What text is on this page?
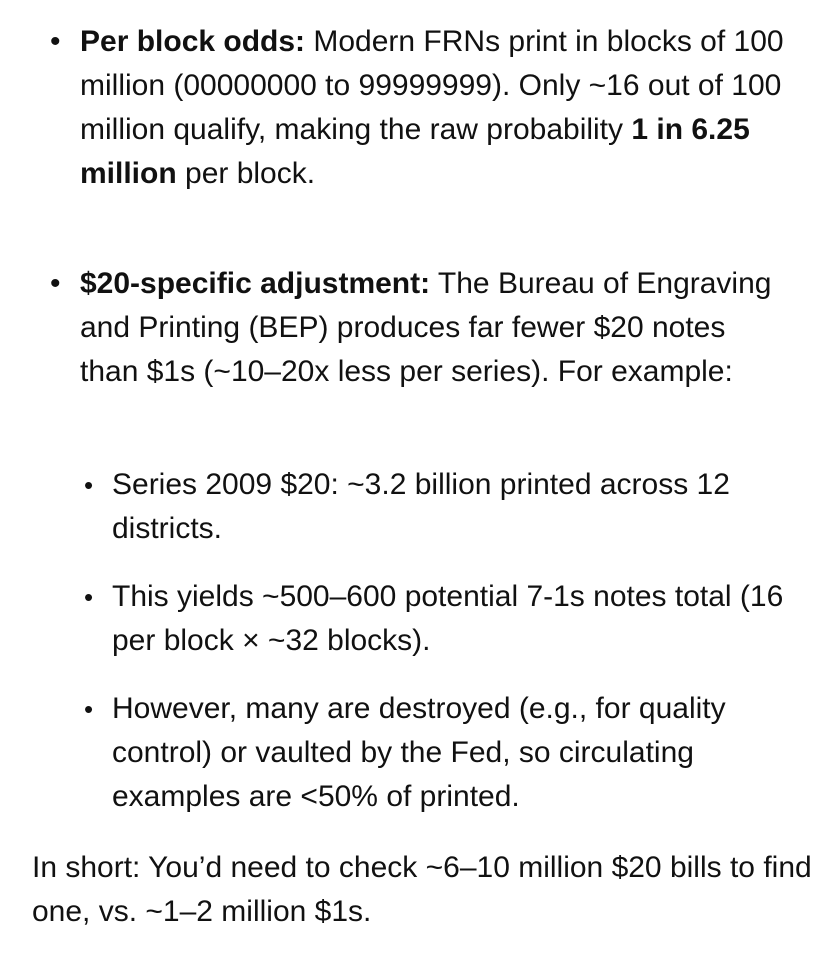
• Per block odds: Modern FRNs print in blocks of 100 million (00000000 to 99999999). Only ~16 out of 100 million qualify, making the raw probability 1 in 6.25 million per block.
• $20-specific adjustment: The Bureau of Engraving and Printing (BEP) produces far fewer $20 notes than $1s (~10–20x less per series). For example:
• Series 2009 $20: ~3.2 billion printed across 12 districts.
• This yields ~500–600 potential 7-1s notes total (16 per block × ~32 blocks).
• However, many are destroyed (e.g., for quality control) or vaulted by the Fed, so circulating examples are <50% of printed.
In short: You’d need to check ~6–10 million $20 bills to find one, vs. ~1–2 million $1s.
